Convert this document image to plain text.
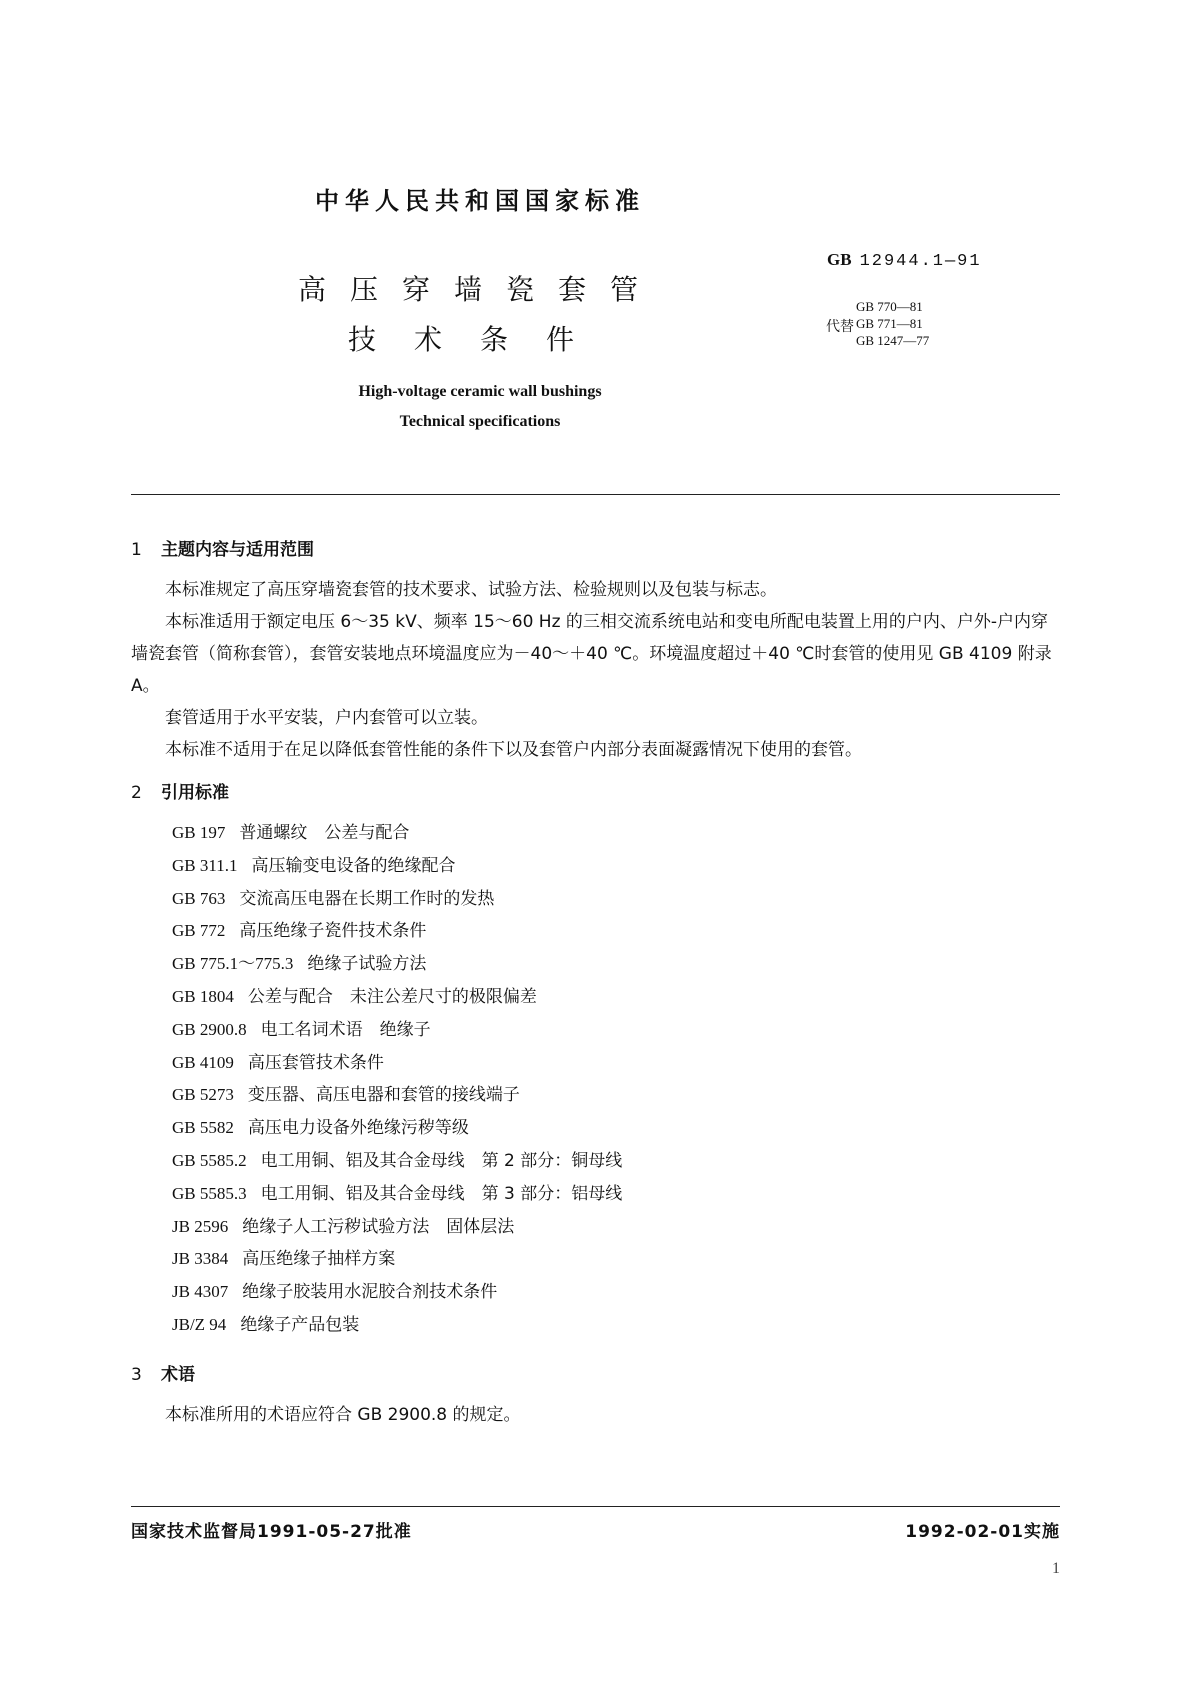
中华人民共和国国家标准
GB 12944.1—91
代替
GB 770—81
GB 771—81
GB 1247—77
高压穿墙瓷套管
技术条件
High-voltage ceramic wall bushings
Technical specifications
1 主题内容与适用范围

本标准规定了高压穿墙瓷套管的技术要求、试验方法、检验规则以及包装与标志。

本标准适用于额定电压 6～35 kV、频率 15～60 Hz 的三相交流系统电站和变电所配电装置上用的户内、户外-户内穿墙瓷套管（简称套管），套管安装地点环境温度应为－40～＋40 ℃。环境温度超过＋40 ℃时套管的使用见 GB 4109 附录 A。

套管适用于水平安装，户内套管可以立装。

本标准不适用于在足以降低套管性能的条件下以及套管户内部分表面凝露情况下使用的套管。

2 引用标准
GB 197 普通螺纹　公差与配合
GB 311.1 高压输变电设备的绝缘配合
GB 763 交流高压电器在长期工作时的发热
GB 772 高压绝缘子瓷件技术条件
GB 775.1～775.3 绝缘子试验方法
GB 1804 公差与配合　未注公差尺寸的极限偏差
GB 2900.8 电工名词术语　绝缘子
GB 4109 高压套管技术条件
GB 5273 变压器、高压电器和套管的接线端子
GB 5582 高压电力设备外绝缘污秽等级
GB 5585.2 电工用铜、铝及其合金母线　第 2 部分：铜母线
GB 5585.3 电工用铜、铝及其合金母线　第 3 部分：铝母线
JB 2596 绝缘子人工污秽试验方法　固体层法
JB 3384 高压绝缘子抽样方案
JB 4307 绝缘子胶装用水泥胶合剂技术条件
JB/Z 94 绝缘子产品包装
3 术语

本标准所用的术语应符合 GB 2900.8 的规定。

国家技术监督局1991-05-27批准	1992-02-01实施
1
